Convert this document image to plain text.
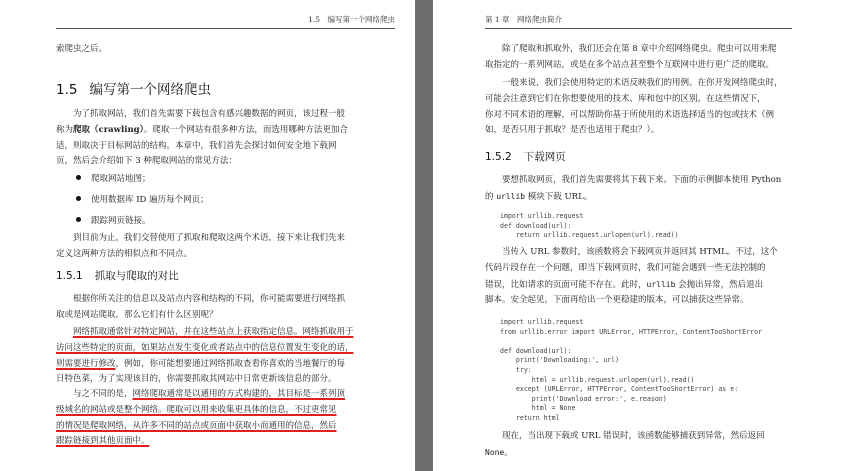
1.5　编写第一个网络爬虫
索爬虫之后。
1.5 编写第一个网络爬虫
为了抓取网站，我们首先需要下载包含有感兴趣数据的网页，该过程一般
称为爬取（crawling）。爬取一个网站有很多种方法，而选用哪种方法更加合
适，则取决于目标网站的结构。本章中，我们首先会探讨如何安全地下载网
页，然后会介绍如下 3 种爬取网站的常见方法：
爬取网站地图；
使用数据库 ID 遍历每个网页；
跟踪网页链接。
到目前为止，我们交替使用了抓取和爬取这两个术语，接下来让我们先来
定义这两种方法的相似点和不同点。
1.5.1 抓取与爬取的对比
根据你所关注的信息以及站点内容和结构的不同，你可能需要进行网络抓
取或是网站爬取。那么它们有什么区别呢？
网络抓取通常针对特定网站，并在这些站点上获取指定信息。网络抓取用于
访问这些特定的页面，如果站点发生变化或者站点中的信息位置发生变化的话，
则需要进行修改，例如，你可能想要通过网络抓取查看你喜欢的当地餐厅的每
日特色菜，为了实现该目的，你需要抓取其网站中日常更新该信息的部分。
与之不同的是，网络爬取通常是以通用的方式构建的，其目标是一系列顶
级域名的网站或是整个网络。爬取可以用来收集更具体的信息，不过更常见
的情况是爬取网络，从许多不同的站点或页面中获取小而通用的信息，然后
跟踪链接到其他页面中。
第 1 章　网络爬虫简介
除了爬取和抓取外，我们还会在第 8 章中介绍网络爬虫。爬虫可以用来爬
取指定的一系列网站，或是在多个站点甚至整个互联网中进行更广泛的爬取。
一般来说，我们会使用特定的术语反映我们的用例。在你开发网络爬虫时，
可能会注意到它们在你想要使用的技术、库和包中的区别。在这些情况下，
你对不同术语的理解，可以帮助你基于所使用的术语选择适当的包或技术（例
如，是否只用于抓取？是否也适用于爬虫？）。
1.5.2 下载网页
要想抓取网页，我们首先需要将其下载下来。下面的示例脚本使用 Python
的 urllib 模块下载 URL。
import urllib.request
def download(url):
return urllib.request.urlopen(url).read()
当传入 URL 参数时，该函数将会下载网页并返回其 HTML。不过，这个
代码片段存在一个问题，即当下载网页时，我们可能会遇到一些无法控制的
错误，比如请求的页面可能不存在。此时，urllib 会抛出异常，然后退出
脚本。安全起见，下面再给出一个更稳建的版本，可以捕获这些异常。
import urllib.request
from urllib.error import URLError, HTTPError, ContentTooShortError

def download(url):
print('Downloading:', url)
try:
html = urllib.request.urlopen(url).read()
except (URLError, HTTPError, ContentTooShortError) as e:
print('Download error:', e.reason)
html = None
return html
现在，当出现下载或 URL 错误时，该函数能够捕获到异常，然后返回
None。
